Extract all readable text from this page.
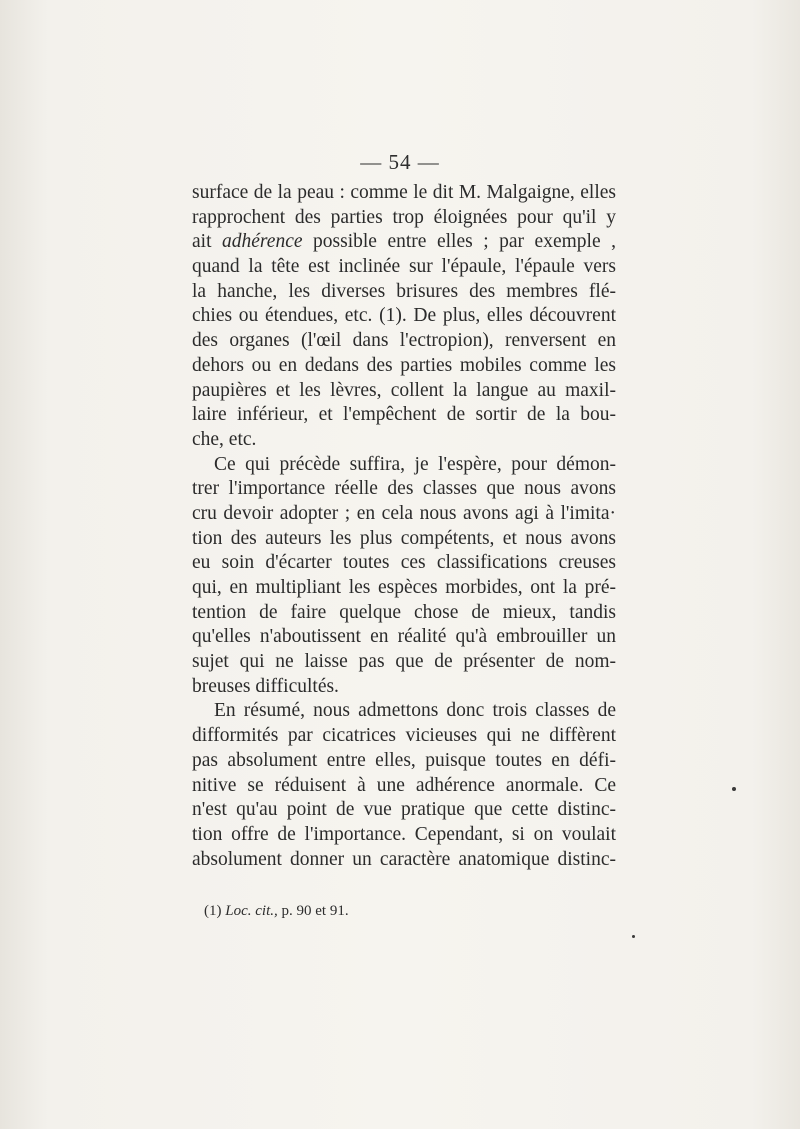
— 54 —
surface de la peau : comme le dit M. Malgaigne, elles
rapprochent des parties trop éloignées pour qu'il y
ait adhérence possible entre elles ; par exemple ,
quand la tête est inclinée sur l'épaule, l'épaule vers
la hanche, les diverses brisures des membres flé-
chies ou étendues, etc. (1). De plus, elles découvrent
des organes (l'œil dans l'ectropion), renversent en
dehors ou en dedans des parties mobiles comme les
paupières et les lèvres, collent la langue au maxil-
laire inférieur, et l'empêchent de sortir de la bou-
che, etc.
Ce qui précède suffira, je l'espère, pour démon-
trer l'importance réelle des classes que nous avons
cru devoir adopter ; en cela nous avons agi à l'imita·
tion des auteurs les plus compétents, et nous avons
eu soin d'écarter toutes ces classifications creuses
qui, en multipliant les espèces morbides, ont la pré-
tention de faire quelque chose de mieux, tandis
qu'elles n'aboutissent en réalité qu'à embrouiller un
sujet qui ne laisse pas que de présenter de nom-
breuses difficultés.
En résumé, nous admettons donc trois classes de
difformités par cicatrices vicieuses qui ne diffèrent
pas absolument entre elles, puisque toutes en défi-
nitive se réduisent à une adhérence anormale. Ce
n'est qu'au point de vue pratique que cette distinc-
tion offre de l'importance. Cependant, si on voulait
absolument donner un caractère anatomique distinc-
(1) Loc. cit., p. 90 et 91.
